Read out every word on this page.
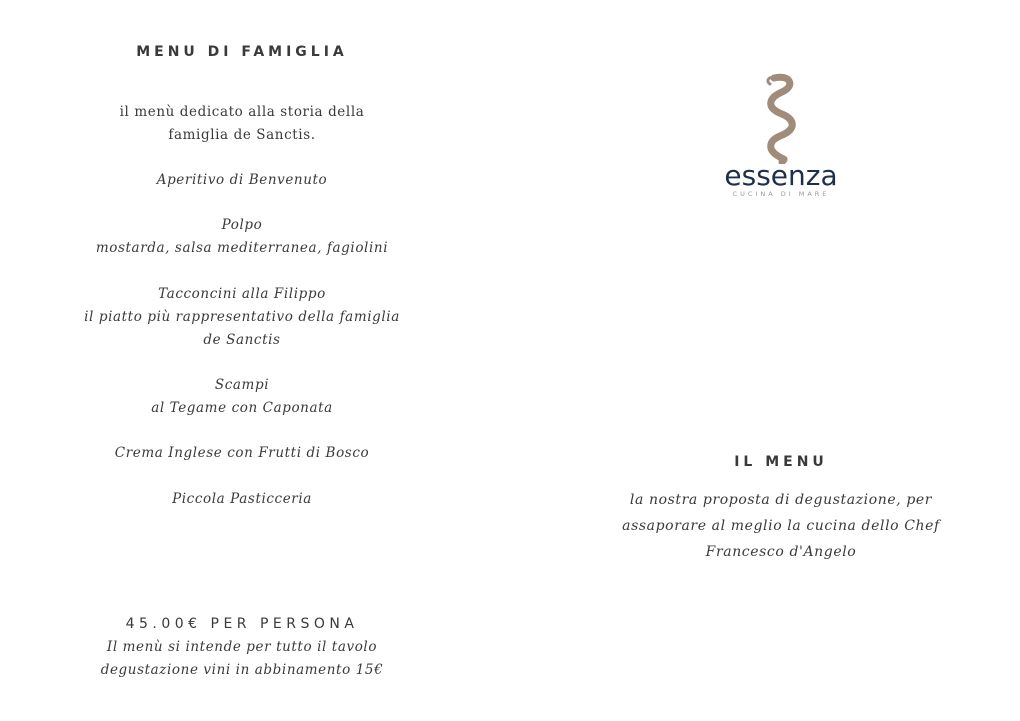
MENU DI FAMIGLIA
il menù dedicato alla storia della
famiglia de Sanctis.
Aperitivo di Benvenuto
Polpo
mostarda, salsa mediterranea, fagiolini
Tacconcini alla Filippo
il piatto più rappresentativo della famiglia
de Sanctis
Scampi
al Tegame con Caponata
Crema Inglese con Frutti di Bosco
Piccola Pasticceria
45.00€ PER PERSONA
Il menù si intende per tutto il tavolo
degustazione vini in abbinamento 15€
essenza
CUCINA DI MARE
IL MENU
la nostra proposta di degustazione, per
assaporare al meglio la cucina dello Chef
Francesco d'Angelo
